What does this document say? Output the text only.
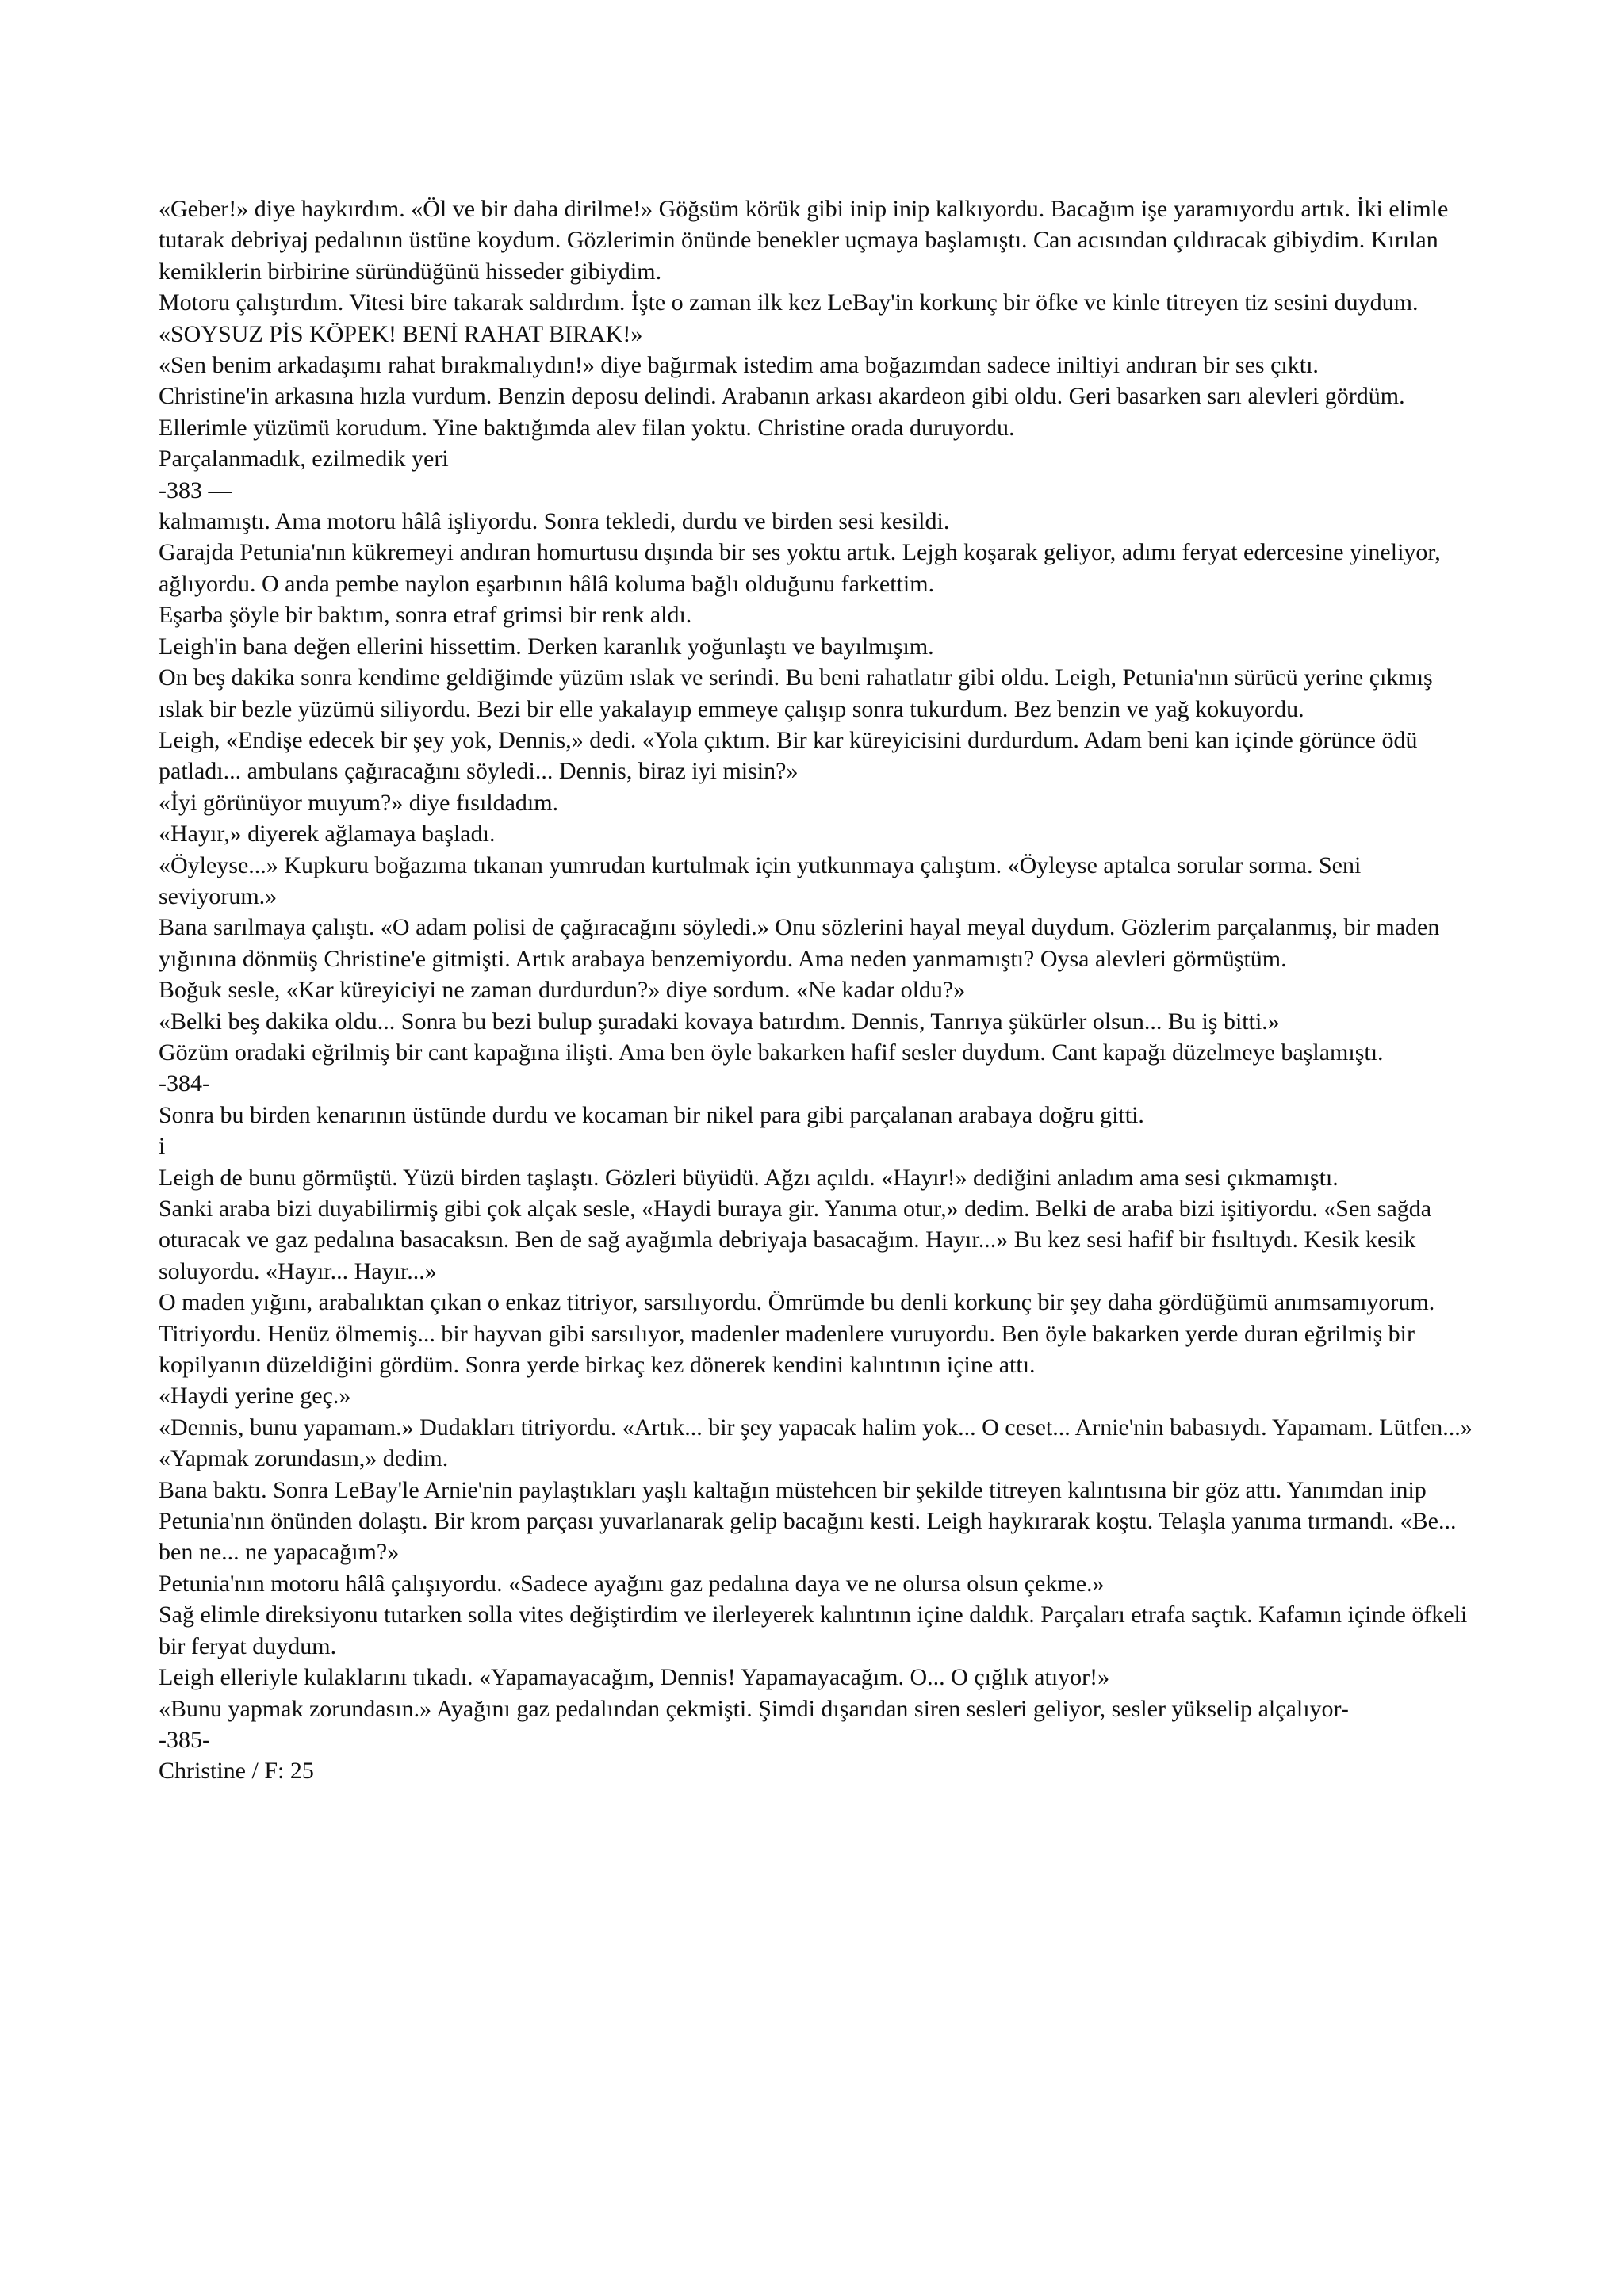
«Geber!» diye haykırdım. «Öl ve bir daha dirilme!» Göğsüm körük gibi inip inip kalkıyordu. Bacağım işe yaramıyordu artık. İki elimle tutarak debriyaj pedalının üstüne koydum. Gözlerimin önünde benekler uçmaya başlamıştı. Can acısından çıldıracak gibiydim. Kırılan kemiklerin birbirine süründüğünü hisseder gibiydim.

Motoru çalıştırdım. Vitesi bire takarak saldırdım. İşte o zaman ilk kez LeBay'in korkunç bir öfke ve kinle titreyen tiz sesini duydum.

«SOYSUZ PİS KÖPEK! BENİ RAHAT BIRAK!»

«Sen benim arkadaşımı rahat bırakmalıydın!» diye bağırmak istedim ama boğazımdan sadece iniltiyi andıran bir ses çıktı.

Christine'in arkasına hızla vurdum. Benzin deposu delindi. Arabanın arkası akardeon gibi oldu. Geri basarken sarı alevleri gördüm. Ellerimle yüzümü korudum. Yine baktığımda alev filan yoktu. Christine orada duruyordu.

Parçalanmadık, ezilmedik yeri

-383 —

kalmamıştı. Ama motoru hâlâ işliyordu. Sonra tekledi, durdu ve birden sesi kesildi.

Garajda Petunia'nın kükremeyi andıran homurtusu dışında bir ses yoktu artık. Lejgh koşarak geliyor, adımı feryat edercesine yineliyor, ağlıyordu. O anda pembe naylon eşarbının hâlâ koluma bağlı olduğunu farkettim.

Eşarba şöyle bir baktım, sonra etraf grimsi bir renk aldı.

Leigh'in bana değen ellerini hissettim. Derken karanlık yoğunlaştı ve bayılmışım.

On beş dakika sonra kendime geldiğimde yüzüm ıslak ve serindi. Bu beni rahatlatır gibi oldu. Leigh, Petunia'nın sürücü yerine çıkmış ıslak bir bezle yüzümü siliyordu. Bezi bir elle yakalayıp emmeye çalışıp sonra tukurdum. Bez benzin ve yağ kokuyordu.

Leigh, «Endişe edecek bir şey yok, Dennis,» dedi. «Yola çıktım. Bir kar küreyicisini durdurdum. Adam beni kan içinde görünce ödü patladı... ambulans çağıracağını söyledi... Dennis, biraz iyi misin?»

«İyi görünüyor muyum?» diye fısıldadım.

«Hayır,» diyerek ağlamaya başladı.

«Öyleyse...» Kupkuru boğazıma tıkanan yumrudan kurtulmak için yutkunmaya çalıştım. «Öyleyse aptalca sorular sorma. Seni seviyorum.»

Bana sarılmaya çalıştı. «O adam polisi de çağıracağını söyledi.» Onu sözlerini hayal meyal duydum. Gözlerim parçalanmış, bir maden yığınına dönmüş Christine'e gitmişti. Artık arabaya benzemiyordu. Ama neden yanmamıştı? Oysa alevleri görmüştüm.

Boğuk sesle, «Kar küreyiciyi ne zaman durdurdun?» diye sordum. «Ne kadar oldu?»

«Belki beş dakika oldu... Sonra bu bezi bulup şuradaki kovaya batırdım. Dennis, Tanrıya şükürler olsun... Bu iş bitti.»

Gözüm oradaki eğrilmiş bir cant kapağına ilişti. Ama ben öyle bakarken hafif sesler duydum. Cant kapağı düzelmeye başlamıştı.

-384-

Sonra bu birden kenarının üstünde durdu ve kocaman bir nikel para gibi parçalanan arabaya doğru gitti.

i

Leigh de bunu görmüştü. Yüzü birden taşlaştı. Gözleri büyüdü. Ağzı açıldı. «Hayır!» dediğini anladım ama sesi çıkmamıştı.

Sanki araba bizi duyabilirmiş gibi çok alçak sesle, «Haydi buraya gir. Yanıma otur,» dedim. Belki de araba bizi işitiyordu. «Sen sağda oturacak ve gaz pedalına basacaksın. Ben de sağ ayağımla debriyaja basacağım. Hayır...» Bu kez sesi hafif bir fısıltıydı. Kesik kesik soluyordu. «Hayır... Hayır...»

O maden yığını, arabalıktan çıkan o enkaz titriyor, sarsılıyordu. Ömrümde bu denli korkunç bir şey daha gördüğümü anımsamıyorum. Titriyordu. Henüz ölmemiş... bir hayvan gibi sarsılıyor, madenler madenlere vuruyordu. Ben öyle bakarken yerde duran eğrilmiş bir kopilyanın düzeldiğini gördüm. Sonra yerde birkaç kez dönerek kendini kalıntının içine attı.

«Haydi yerine geç.»

«Dennis, bunu yapamam.» Dudakları titriyordu. «Artık... bir şey yapacak halim yok... O ceset... Arnie'nin babasıydı. Yapamam. Lütfen...»

«Yapmak zorundasın,» dedim.

Bana baktı. Sonra LeBay'le Arnie'nin paylaştıkları yaşlı kaltağın müstehcen bir şekilde titreyen kalıntısına bir göz attı. Yanımdan inip Petunia'nın önünden dolaştı. Bir krom parçası yuvarlanarak gelip bacağını kesti. Leigh haykırarak koştu. Telaşla yanıma tırmandı. «Be... ben ne... ne yapacağım?»

Petunia'nın motoru hâlâ çalışıyordu. «Sadece ayağını gaz pedalına daya ve ne olursa olsun çekme.»

Sağ elimle direksiyonu tutarken solla vites değiştirdim ve ilerleyerek kalıntının içine daldık. Parçaları etrafa saçtık. Kafamın içinde öfkeli bir feryat duydum.

Leigh elleriyle kulaklarını tıkadı. «Yapamayacağım, Dennis! Yapamayacağım. O... O çığlık atıyor!»

«Bunu yapmak zorundasın.» Ayağını gaz pedalından çekmişti. Şimdi dışarıdan siren sesleri geliyor, sesler yükselip alçalıyor-

-385-

Christine / F: 25
